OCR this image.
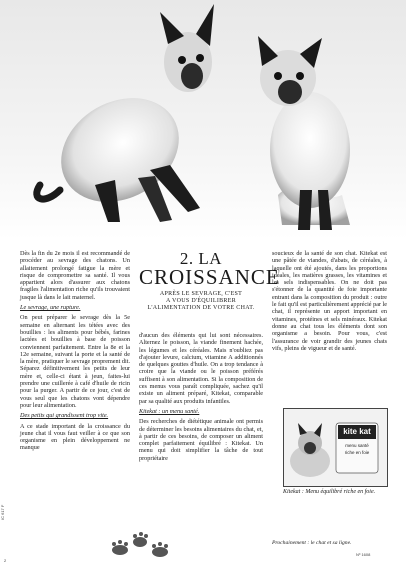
2. LA
CROISSANCE
APRÈS LE SEVRAGE, C'EST
A VOUS D'ÉQUILIBRER
L'ALIMENTATION DE VOTRE CHAT.

Dès la fin du 2e mois il est recommandé de procéder au sevrage des chatons. Un allaitement prolongé fatigue la mère et risque de compromettre sa santé. Il vous appartient alors d'assurer aux chatons fragiles l'alimentation riche qu'ils trouvaient jusque là dans le lait maternel.

Le sevrage, une rupture.

On peut préparer le sevrage dès la 5e semaine en alternant les tétées avec des bouillies : les aliments pour bébés, farines lactées et bouillies à base de poisson conviennent parfaitement. Entre la 8e et la 12e semaine, suivant la porte et la santé de la mère, pratiquer le sevrage proprement dit. Séparez définitivement les petits de leur mère et, celle-ci étant à jeun, faites-lui prendre une cuillerée à café d'huile de ricin pour la purger. A partir de ce jour, c'est de vous seul que les chatons vont dépendre pour leur alimentation.

Des petits qui grandissent trop vite.

A ce stade important de la croissance du jeune chat il vous faut veiller à ce que son organisme en plein développement ne manque

d'aucun des éléments qui lui sont nécessaires. Alternez le poisson, la viande finement hachée, les légumes et les céréales. Mais n'oubliez pas d'ajouter levure, calcium, vitamine A additionnés de quelques gouttes d'huile. On a trop tendance à croire que la viande ou le poisson préférés suffisent à son alimentation. Si la composition de ces menus vous paraît compliquée, sachez qu'il existe un aliment préparé, Kitekat, comparable par sa qualité aux produits infantiles.

Kitekat : un menu santé.

Des recherches de diététique animale ont permis de déterminer les besoins alimentaires du chat, et, à partir de ces besoins, de composer un aliment complet parfaitement équilibré : Kitekat. Un menu qui doit simplifier la tâche de tout propriétaire

soucieux de la santé de son chat. Kitekat est une pâtée de viandes, d'abats, de céréales, à laquelle ont été ajoutés, dans les proportions idéales, les matières grasses, les vitamines et les sels indispensables. On ne doit pas s'étonner de la quantité de foie importante entrant dans la composition du produit : outre le fait qu'il est particulièrement apprécié par le chat, il représente un apport important en vitamines, protéines et sels minéraux. Kitekat donne au chat tous les éléments dont son organisme a besoin. Pour vous, c'est l'assurance de voir grandir des jeunes chats vifs, pleins de vigueur et de santé.

kite kat
menu santé
riche en foie
Kitekat : Menu équilibré riche en foie.
Prochainement : le chat et sa ligne.
Nº 1608
2
IC 617 F
